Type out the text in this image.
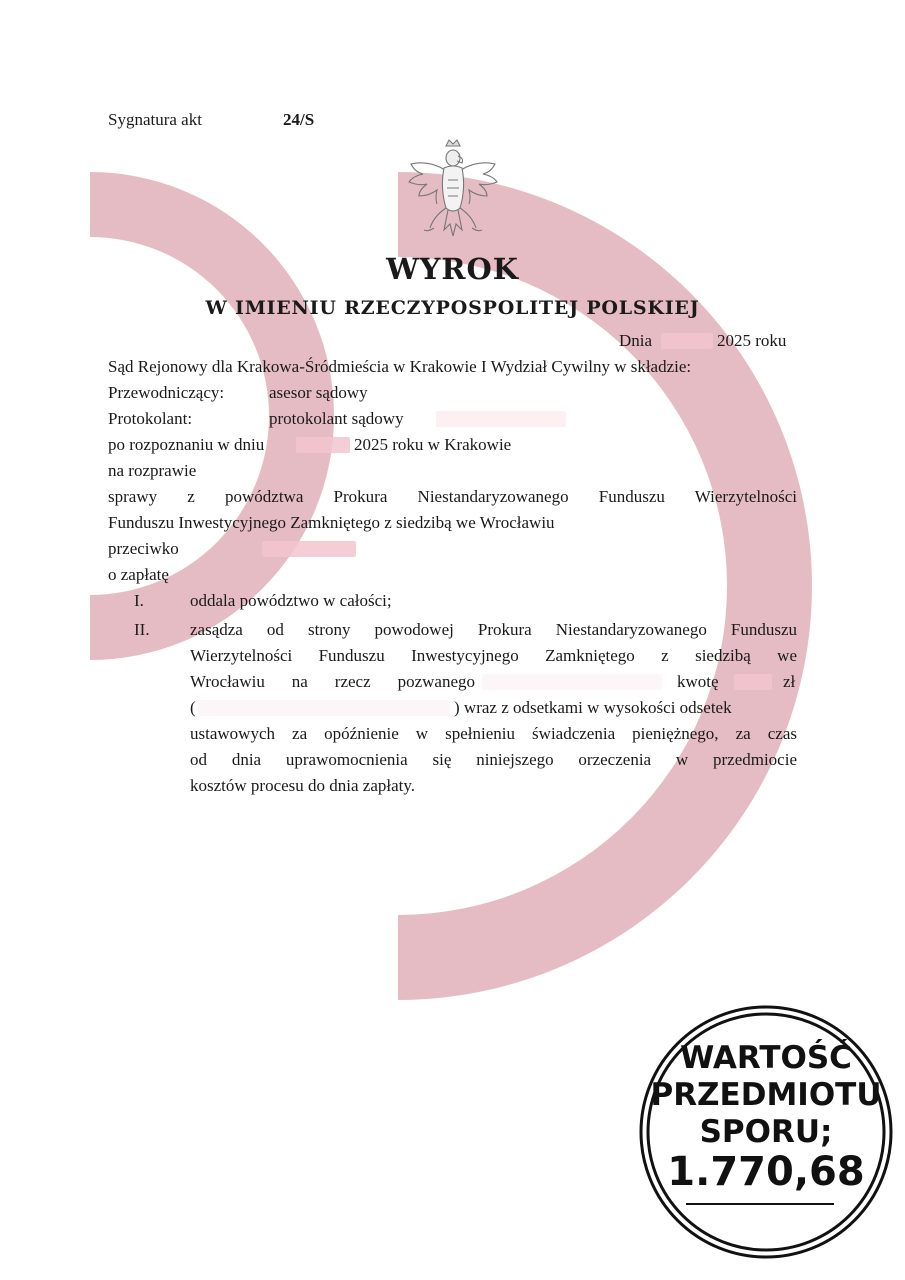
Sygnatura akt	24/S
WYROK
W IMIENIU RZECZYPOSPOLITEJ POLSKIEJ
Dnia	2025 roku
Sąd Rejonowy dla Krakowa-Śródmieścia w Krakowie I Wydział Cywilny w składzie:
Przewodniczący:	asesor sądowy
Protokolant:	protokolant sądowy
po rozpoznaniu w dniu	2025 roku w Krakowie
na rozprawie
sprawy z powództwa Prokura Niestandaryzowanego Funduszu Wierzytelności
Funduszu Inwestycyjnego Zamkniętego z siedzibą we Wrocławiu
przeciwko
o zapłatę
I.	oddala powództwo w całości;
II. zasądza od strony powodowej Prokura Niestandaryzowanego Funduszu
Wierzytelności Funduszu Inwestycyjnego Zamkniętego z siedzibą we
Wrocławiu na rzecz pozwanego	kwotę	zł
(	) wraz z odsetkami w wysokości odsetek
ustawowych za opóźnienie w spełnieniu świadczenia pieniężnego, za czas
od dnia uprawomocnienia się niniejszego orzeczenia w przedmiocie
kosztów procesu do dnia zapłaty.
WARTOŚĆ
PRZEDMIOTU
SPORU;
1.770,68
